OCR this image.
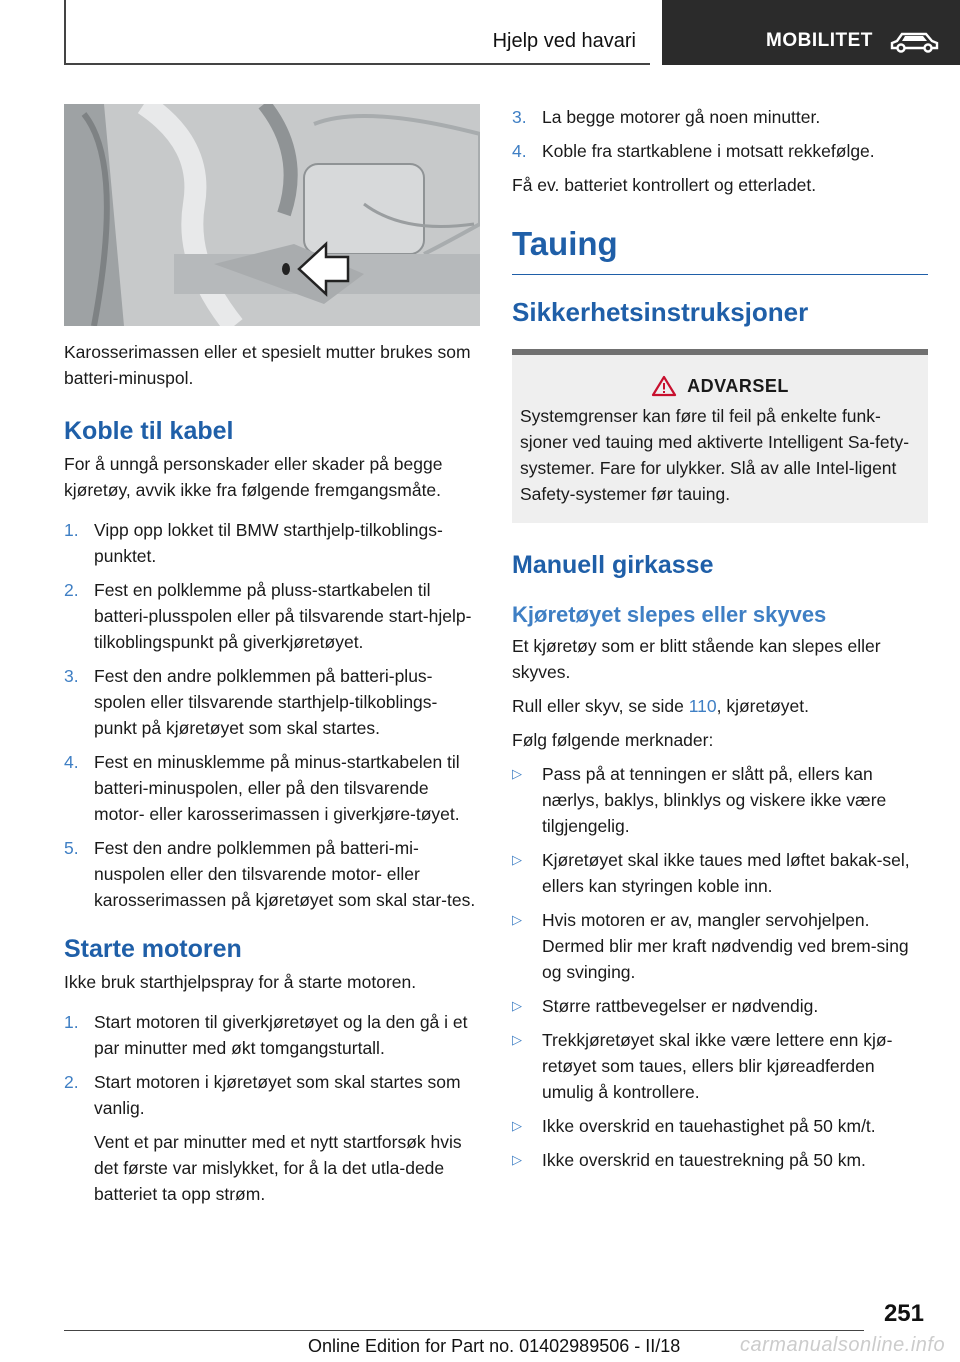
Hjelp ved havari	MOBILITET

Karosserimassen eller et spesielt mutter brukes som batteri-minuspol.

Koble til kabel

For å unngå personskader eller skader på begge kjøretøy, avvik ikke fra følgende fremgangsmåte.

1. Vipp opp lokket til BMW starthjelp-tilkoblings-punktet.
2. Fest en polklemme på pluss-startkabelen til batteri-plusspolen eller på tilsvarende start-hjelp-tilkoblingspunkt på giverkjøretøyet.
3. Fest den andre polklemmen på batteri-plus-spolen eller tilsvarende starthjelp-tilkoblings-punkt på kjøretøyet som skal startes.
4. Fest en minusklemme på minus-startkabelen til batteri-minuspolen, eller på den tilsvarende motor- eller karosserimassen i giverkjøre-tøyet.
5. Fest den andre polklemmen på batteri-mi-nuspolen eller den tilsvarende motor- eller karosserimassen på kjøretøyet som skal star-tes.
Starte motoren

Ikke bruk starthjelpspray for å starte motoren.

1. Start motoren til giverkjøretøyet og la den gå i et par minutter med økt tomgangsturtall.
2. Start motoren i kjøretøyet som skal startes som vanlig.
Vent et par minutter med et nytt startforsøk hvis det første var mislykket, for å la det utla-dede batteriet ta opp strøm.
3. La begge motorer gå noen minutter.
4. Koble fra startkablene i motsatt rekkefølge.

Få ev. batteriet kontrollert og etterladet.

Tauing
Sikkerhetsinstruksjoner
ADVARSEL

Systemgrenser kan føre til feil på enkelte funk-sjoner ved tauing med aktiverte Intelligent Sa-fety-systemer. Fare for ulykker. Slå av alle Intel-ligent Safety-systemer før tauing.

Manuell girkasse
Kjøretøyet slepes eller skyves

Et kjøretøy som er blitt stående kan slepes eller skyves.

Rull eller skyv, se side 110, kjøretøyet.

Følg følgende merknader:

▷ Pass på at tenningen er slått på, ellers kan nærlys, baklys, blinklys og viskere ikke være tilgjengelig.
▷ Kjøretøyet skal ikke taues med løftet bakak-sel, ellers kan styringen koble inn.
▷ Hvis motoren er av, mangler servohjelpen. Dermed blir mer kraft nødvendig ved brem-sing og svinging.
▷ Større rattbevegelser er nødvendig.
▷ Trekkjøretøyet skal ikke være lettere enn kjø-retøyet som taues, ellers blir kjøreadferden umulig å kontrollere.
▷ Ikke overskrid en tauehastighet på 50 km/t.
▷ Ikke overskrid en tauestrekning på 50 km.
251
Online Edition for Part no. 01402989506 - II/18	carmanualsonline.info
